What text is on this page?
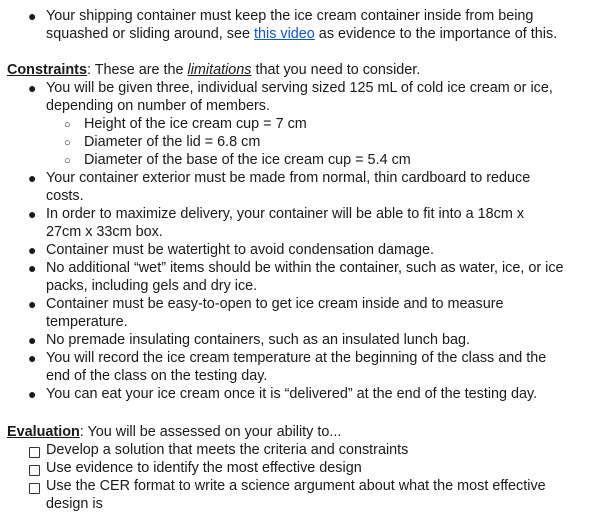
● Your shipping container must keep the ice cream container inside from being
squashed or sliding around, see this video as evidence to the importance of this.
Constraints: These are the limitations that you need to consider.
● You will be given three, individual serving sized 125 mL of cold ice cream or ice,
depending on number of members.
○ Height of the ice cream cup = 7 cm
○ Diameter of the lid = 6.8 cm
○ Diameter of the base of the ice cream cup = 5.4 cm
● Your container exterior must be made from normal, thin cardboard to reduce
costs.
● In order to maximize delivery, your container will be able to fit into a 18cm x
27cm x 33cm box.
● Container must be watertight to avoid condensation damage.
● No additional “wet” items should be within the container, such as water, ice, or ice
packs, including gels and dry ice.
● Container must be easy-to-open to get ice cream inside and to measure
temperature.
● No premade insulating containers, such as an insulated lunch bag.
● You will record the ice cream temperature at the beginning of the class and the
end of the class on the testing day.
● You can eat your ice cream once it is “delivered” at the end of the testing day.
Evaluation: You will be assessed on your ability to...
Develop a solution that meets the criteria and constraints
Use evidence to identify the most effective design
Use the CER format to write a science argument about what the most effective
design is
